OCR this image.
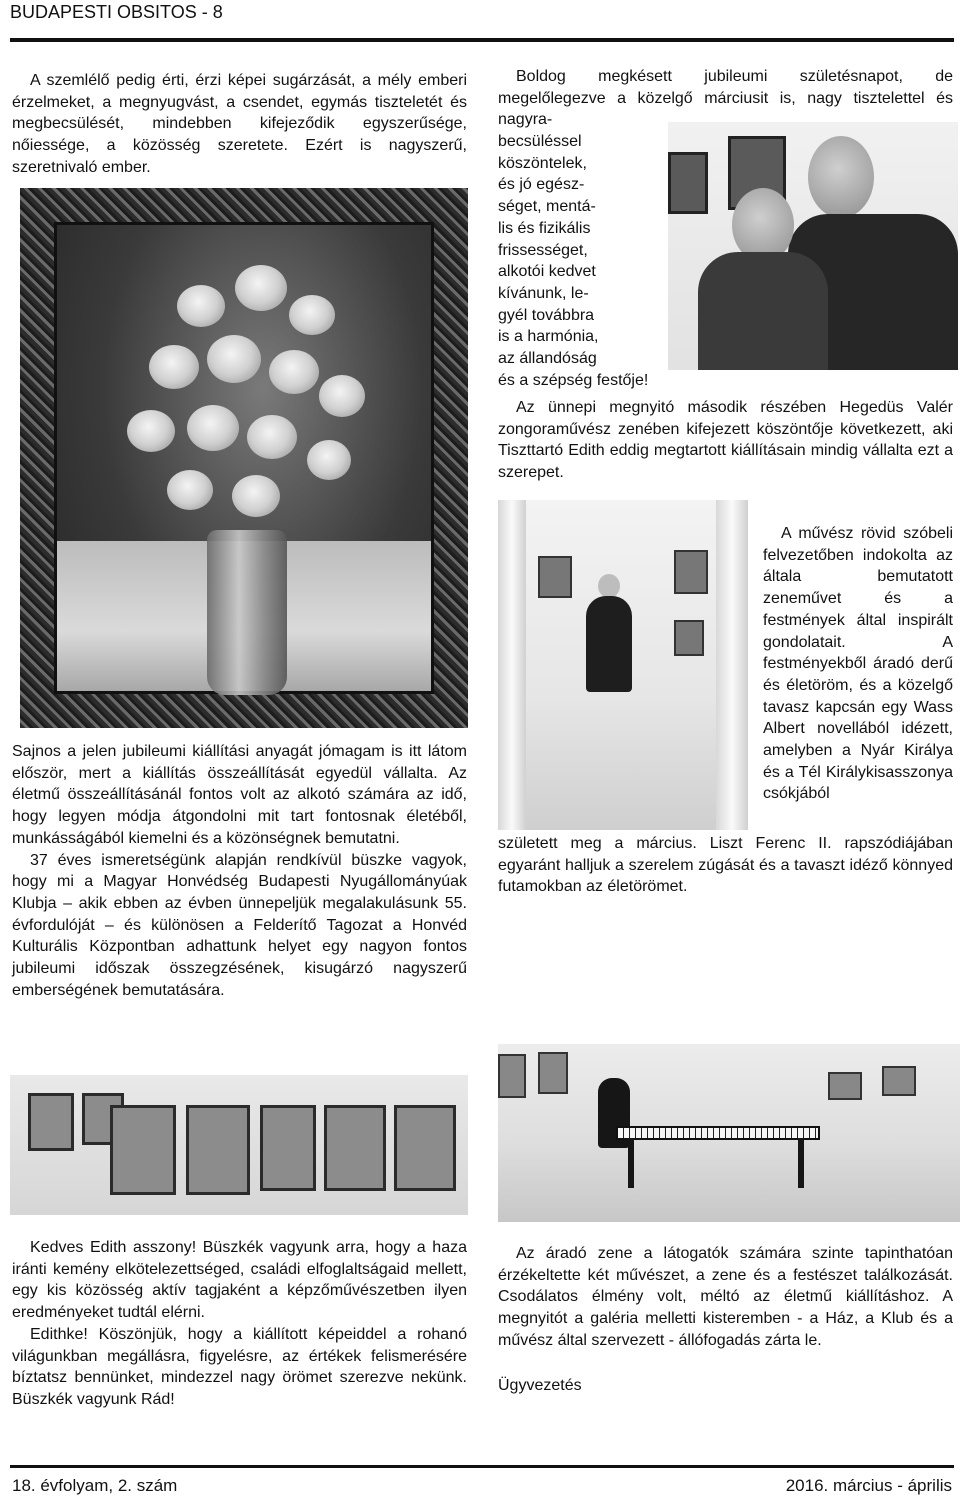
BUDAPESTI OBSITOS - 8
A szemlélő pedig érti, érzi képei sugárzását, a mély emberi érzelmeket, a megnyugvást, a csendet, egymás tiszteletét és megbecsülését, mindebben kifejeződik egyszerűsége, nőiessége, a közösség szeretete. Ezért is nagyszerű, szeretnivaló ember.
Boldog megkésett jubileumi születésnapot, de megelőlegezve a közelgő márciusit is, nagy tisztelettel és nagyra-
becsüléssel
köszöntelek,
és jó egész-
séget, mentá-
lis és fizikális
frissességet,
alkotói kedvet
kívánunk, le-
gyél továbbra
is a harmónia,
az állandóság
és a szépség festője!
Az ünnepi megnyitó második részében Hegedüs Valér zongoraművész zenében kifejezett köszöntője következett, aki Tiszttartó Edith eddig megtartott kiállításain mindig vállalta ezt a szerepet.
A művész rövid szóbeli felvezetőben indokolta az általa bemutatott zeneművet és a festmények által inspirált gondolatait. A festményekből áradó derű és életöröm, és a közelgő tavasz kapcsán egy Wass Albert novellából idézett, amelyben a Nyár Királya és a Tél Királykisasszonya csókjából
született meg a március. Liszt Ferenc II. rapszódiájában egyaránt halljuk a szerelem zúgását és a tavaszt idéző könnyed futamokban az életörömet.

Sajnos a jelen jubileumi kiállítási anyagát jómagam is itt látom először, mert a kiállítás összeállítását egyedül vállalta. Az életmű összeállításánál fontos volt az alkotó számára az idő, hogy legyen módja átgondolni mit tart fontosnak életéből, munkásságából kiemelni és a közönségnek bemutatni.

37 éves ismeretségünk alapján rendkívül büszke vagyok, hogy mi a Magyar Honvédség Budapesti Nyugállományúak Klubja – akik ebben az évben ünnepeljük megalakulásunk 55. évfordulóját – és különösen a Felderítő Tagozat a Honvéd Kulturális Központban adhattunk helyet egy nagyon fontos jubileumi időszak összegzésének, kisugárzó nagyszerű emberségének bemutatására.

Kedves Edith asszony! Büszkék vagyunk arra, hogy a haza iránti kemény elkötelezettséged, családi elfoglaltságaid mellett, egy kis közösség aktív tagjaként a képzőművészetben ilyen eredményeket tudtál elérni.

Edithke! Köszönjük, hogy a kiállított képeiddel a rohanó világunkban megállásra, figyelésre, az értékek felismerésére bíztatsz bennünket, mindezzel nagy örömet szerezve nekünk. Büszkék vagyunk Rád!

Az áradó zene a látogatók számára szinte tapinthatóan érzékeltette két művészet, a zene és a festészet találkozását. Csodálatos élmény volt, méltó az életmű kiállításhoz. A megnyitót a galéria melletti kisteremben - a Ház, a Klub és a művész által szervezett - állófogadás zárta le.
Ügyvezetés
18. évfolyam, 2. szám	2016. március - április
